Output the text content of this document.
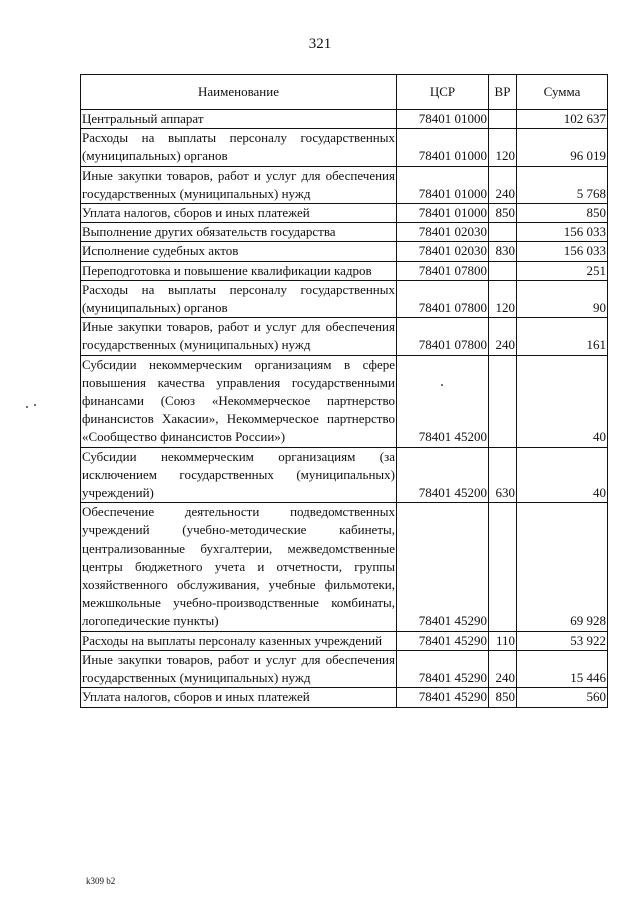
321
Наименование	ЦСР	ВР	Сумма
Центральный аппарат	78401 01000		102 637
Расходы на выплаты персоналу государственных (муниципальных) органов	78401 01000	120	96 019
Иные закупки товаров, работ и услуг для обеспечения государственных (муниципальных) нужд	78401 01000	240	5 768
Уплата налогов, сборов и иных платежей	78401 01000	850	850
Выполнение других обязательств государства	78401 02030		156 033
Исполнение судебных актов	78401 02030	830	156 033
Переподготовка и повышение квалификации кадров	78401 07800		251
Расходы на выплаты персоналу государственных (муниципальных) органов	78401 07800	120	90
Иные закупки товаров, работ и услуг для обеспечения государственных (муниципальных) нужд	78401 07800	240	161
Субсидии некоммерческим организациям в сфере повышения качества управления государственными финансами (Союз «Некоммерческое партнерство финансистов Хакасии», Некоммерческое партнерство «Сообщество финансистов России»)	78401 45200		40
Субсидии некоммерческим организациям (за исключением государственных (муниципальных) учреждений)	78401 45200	630	40
Обеспечение деятельности подведомственных учреждений (учебно-методические кабинеты, централизованные бухгалтерии, межведомственные центры бюджетного учета и отчетности, группы хозяйственного обслуживания, учебные фильмотеки, межшкольные учебно-производственные комбинаты, логопедические пункты)	78401 45290		69 928
Расходы на выплаты персоналу казенных учреждений	78401 45290	110	53 922
Иные закупки товаров, работ и услуг для обеспечения государственных (муниципальных) нужд	78401 45290	240	15 446
Уплата налогов, сборов и иных платежей	78401 45290	850	560
k309 b2
